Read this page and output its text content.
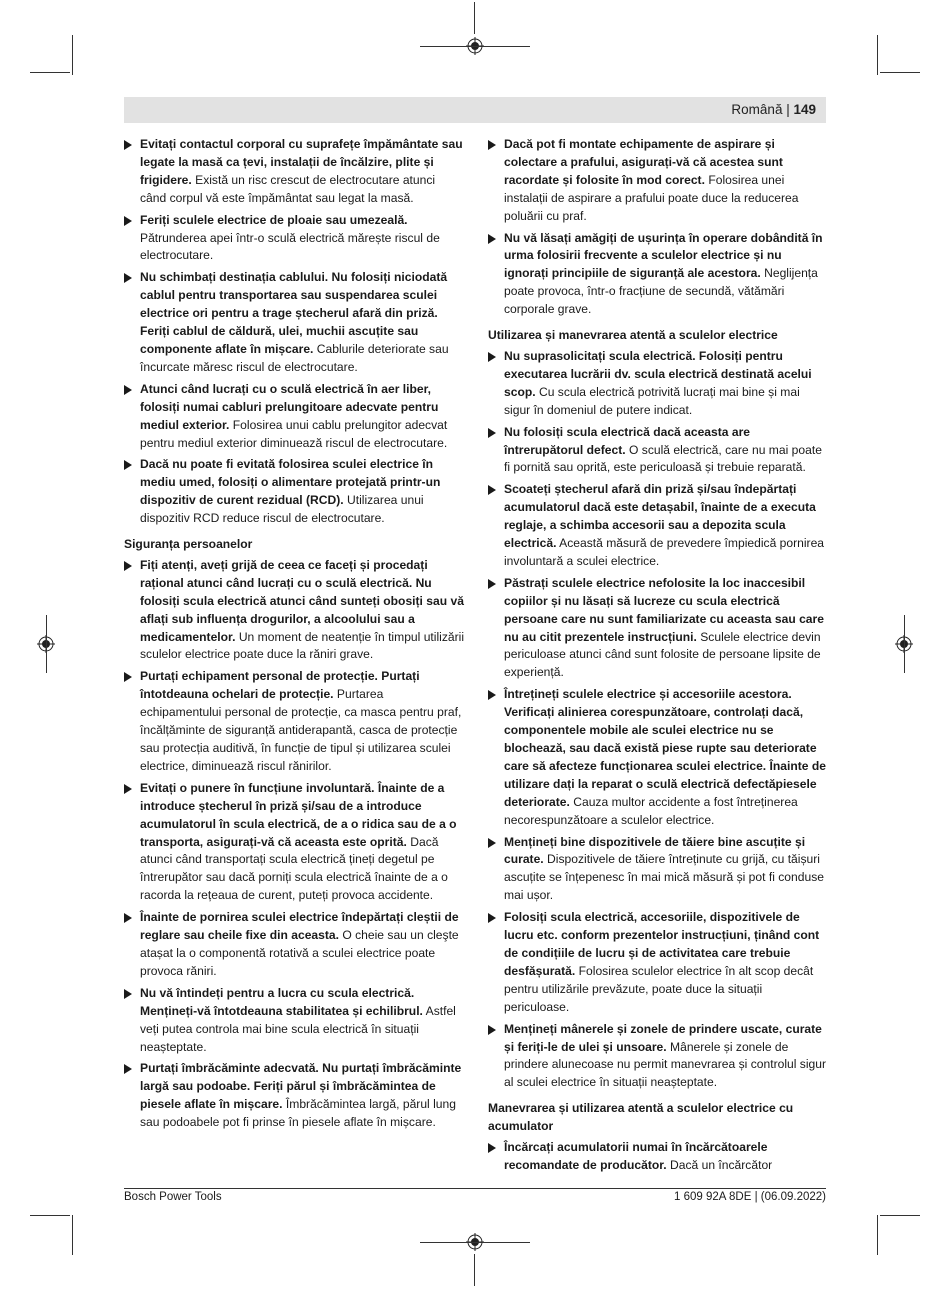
Română | 149
Evitați contactul corporal cu suprafețe împământate sau legate la masă ca țevi, instalații de încălzire, plite și frigidere. Există un risc crescut de electrocutare atunci când corpul vă este împământat sau legat la masă.
Feriți sculele electrice de ploaie sau umezeală. Pătrunderea apei într-o sculă electrică mărește riscul de electrocutare.
Nu schimbați destinația cablului. Nu folosiți niciodată cablul pentru transportarea sau suspendarea sculei electrice ori pentru a trage ștecherul afară din priză. Feriți cablul de căldură, ulei, muchii ascuțite sau componente aflate în mișcare. Cablurile deteriorate sau încurcate măresc riscul de electrocutare.
Atunci când lucrați cu o sculă electrică în aer liber, folosiți numai cabluri prelungitoare adecvate pentru mediul exterior. Folosirea unui cablu prelungitor adecvat pentru mediul exterior diminuează riscul de electrocutare.
Dacă nu poate fi evitată folosirea sculei electrice în mediu umed, folosiți o alimentare protejată printr-un dispozitiv de curent rezidual (RCD). Utilizarea unui dispozitiv RCD reduce riscul de electrocutare.
Siguranța persoanelor
Fiți atenți, aveți grijă de ceea ce faceți și procedați rațional atunci când lucrați cu o sculă electrică. Nu folosiți scula electrică atunci când sunteți obosiți sau vă aflați sub influența drogurilor, a alcoolului sau a medicamentelor. Un moment de neatenție în timpul utilizării sculelor electrice poate duce la răniri grave.
Purtați echipament personal de protecție. Purtați întotdeauna ochelari de protecție. Purtarea echipamentului personal de protecție, ca masca pentru praf, încălțăminte de siguranță antiderapantă, casca de protecție sau protecția auditivă, în funcție de tipul și utilizarea sculei electrice, diminuează riscul rănirilor.
Evitați o punere în funcțiune involuntară. Înainte de a introduce ștecherul în priză și/sau de a introduce acumulatorul în scula electrică, de a o ridica sau de a o transporta, asigurați-vă că aceasta este oprită. Dacă atunci când transportați scula electrică țineți degetul pe întrerupător sau dacă porniți scula electrică înainte de a o racorda la rețeaua de curent, puteți provoca accidente.
Înainte de pornirea sculei electrice îndepărtați cleștii de reglare sau cheile fixe din aceasta. O cheie sau un cleşte atașat la o componentă rotativă a sculei electrice poate provoca răniri.
Nu vă întindeți pentru a lucra cu scula electrică. Mențineți-vă întotdeauna stabilitatea și echilibrul. Astfel veți putea controla mai bine scula electrică în situații neașteptate.
Purtați îmbrăcăminte adecvată. Nu purtați îmbrăcăminte largă sau podoabe. Feriți părul și îmbrăcămintea de piesele aflate în mișcare. Îmbrăcămintea largă, părul lung sau podoabele pot fi prinse în piesele aflate în mișcare.
Dacă pot fi montate echipamente de aspirare și colectare a prafului, asigurați-vă că acestea sunt racordate și folosite în mod corect. Folosirea unei instalații de aspirare a prafului poate duce la reducerea poluării cu praf.
Nu vă lăsați amăgiți de ușurința în operare dobândită în urma folosirii frecvente a sculelor electrice și nu ignorați principiile de siguranță ale acestora. Neglijența poate provoca, într-o fracțiune de secundă, vătămări corporale grave.
Utilizarea și manevrarea atentă a sculelor electrice
Nu suprasolicitați scula electrică. Folosiți pentru executarea lucrării dv. scula electrică destinată acelui scop. Cu scula electrică potrivită lucrați mai bine și mai sigur în domeniul de putere indicat.
Nu folosiți scula electrică dacă aceasta are întrerupătorul defect. O sculă electrică, care nu mai poate fi pornită sau oprită, este periculoasă și trebuie reparată.
Scoateți ștecherul afară din priză și/sau îndepărtați acumulatorul dacă este detașabil, înainte de a executa reglaje, a schimba accesorii sau a depozita scula electrică. Această măsură de prevedere împiedică pornirea involuntară a sculei electrice.
Păstrați sculele electrice nefolosite la loc inaccesibil copiilor și nu lăsați să lucreze cu scula electrică persoane care nu sunt familiarizate cu aceasta sau care nu au citit prezentele instrucțiuni. Sculele electrice devin periculoase atunci când sunt folosite de persoane lipsite de experiență.
Întrețineți sculele electrice și accesoriile acestora. Verificați alinierea corespunzătoare, controlați dacă, componentele mobile ale sculei electrice nu se blochează, sau dacă există piese rupte sau deteriorate care să afecteze funcționarea sculei electrice. Înainte de utilizare dați la reparat o sculă electrică defectăpiesele deteriorate. Cauza multor accidente a fost întreținerea necorespunzătoare a sculelor electrice.
Mențineți bine dispozitivele de tăiere bine ascuțite și curate. Dispozitivele de tăiere întreținute cu grijă, cu tăișuri ascuțite se înțepenesc în mai mică măsură și pot fi conduse mai ușor.
Folosiți scula electrică, accesoriile, dispozitivele de lucru etc. conform prezentelor instrucțiuni, ținând cont de condițiile de lucru și de activitatea care trebuie desfășurată. Folosirea sculelor electrice în alt scop decât pentru utilizările prevăzute, poate duce la situații periculoase.
Mențineți mânerele și zonele de prindere uscate, curate și feriți-le de ulei și unsoare. Mânerele și zonele de prindere alunecoase nu permit manevrarea și controlul sigur al sculei electrice în situații neașteptate.
Manevrarea și utilizarea atentă a sculelor electrice cu acumulator
Încărcați acumulatorii numai în încărcătoarele recomandate de producător. Dacă un încărcător
Bosch Power Tools	1 609 92A 8DE | (06.09.2022)
